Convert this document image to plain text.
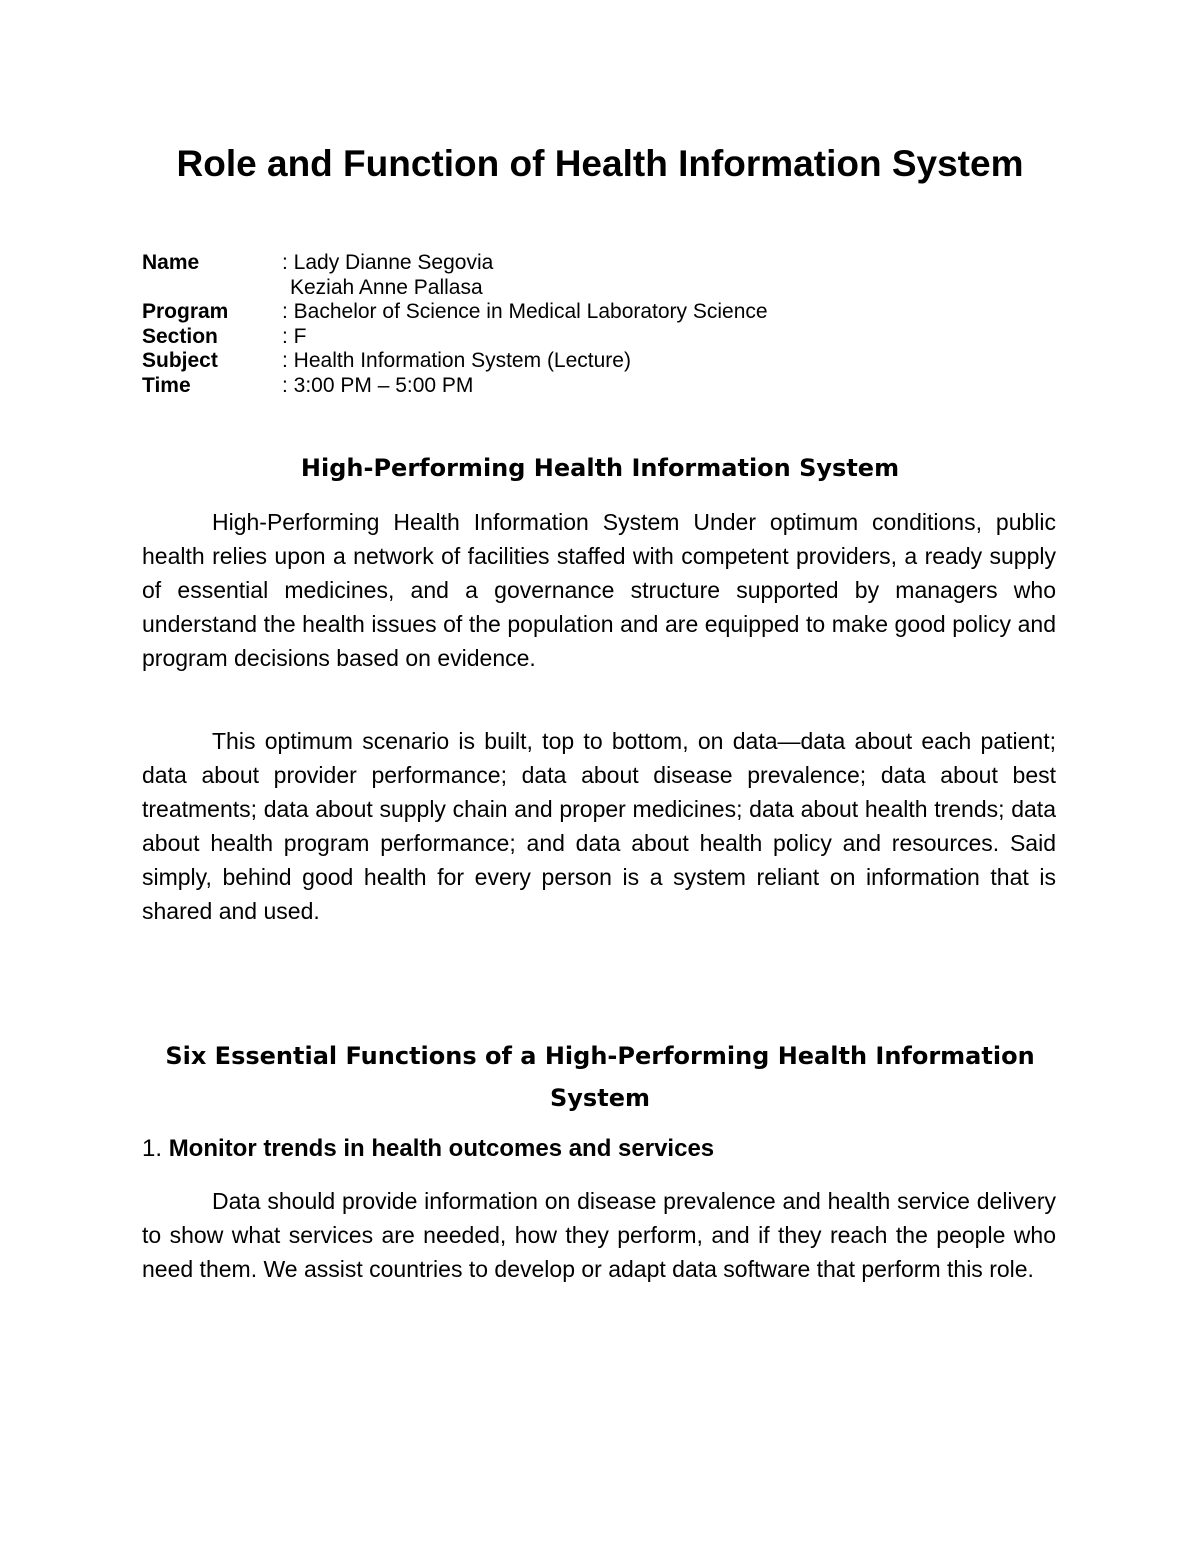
Role and Function of Health Information System
Name	: Lady Dianne Segovia
Keziah Anne Pallasa
Program	: Bachelor of Science in Medical Laboratory Science
Section	: F
Subject	: Health Information System (Lecture)
Time	: 3:00 PM – 5:00 PM
High-Performing Health Information System

High-Performing Health Information System Under optimum conditions, public health relies upon a network of facilities staffed with competent providers, a ready supply of essential medicines, and a governance structure supported by managers who understand the health issues of the population and are equipped to make good policy and program decisions based on evidence.

This optimum scenario is built, top to bottom, on data—data about each patient; data about provider performance; data about disease prevalence; data about best treatments; data about supply chain and proper medicines; data about health trends; data about health program performance; and data about health policy and resources. Said simply, behind good health for every person is a system reliant on information that is shared and used.

Six Essential Functions of a High-Performing Health Information
System

1. Monitor trends in health outcomes and services

Data should provide information on disease prevalence and health service delivery to show what services are needed, how they perform, and if they reach the people who need them. We assist countries to develop or adapt data software that perform this role.
